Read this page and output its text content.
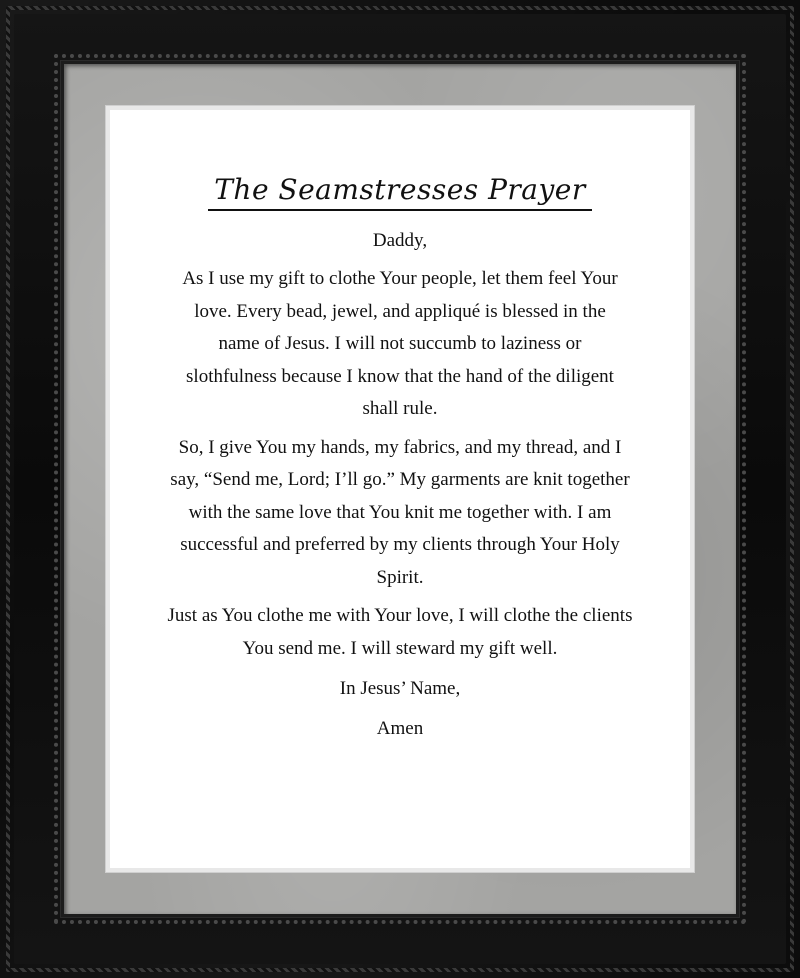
The Seamstresses Prayer

Daddy,

As I use my gift to clothe Your people, let them feel Your love. Every bead, jewel, and appliqué is blessed in the name of Jesus. I will not succumb to laziness or slothfulness because I know that the hand of the diligent shall rule.

So, I give You my hands, my fabrics, and my thread, and I say, “Send me, Lord; I’ll go.” My garments are knit together with the same love that You knit me together with. I am successful and preferred by my clients through Your Holy Spirit.

Just as You clothe me with Your love, I will clothe the clients You send me. I will steward my gift well.

In Jesus’ Name,

Amen
